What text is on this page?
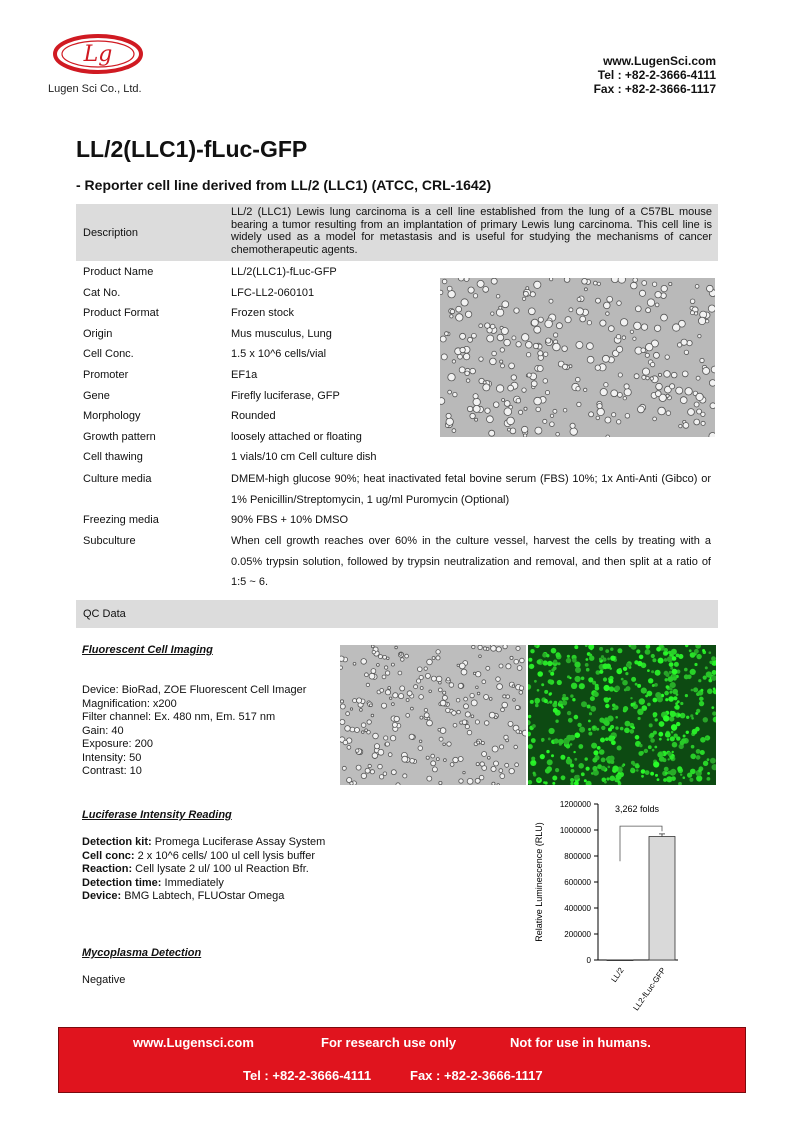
Lg
Lugen Sci Co., Ltd.
www.LugenSci.com
Tel : +82-2-3666-4111
Fax : +82-2-3666-1117
LL/2(LLC1)-fLuc-GFP
- Reporter cell line derived from LL/2 (LLC1) (ATCC, CRL-1642)
Description
LL/2 (LLC1) Lewis lung carcinoma is a cell line established from the lung of a C57BL mouse bearing a tumor resulting from an implantation of primary Lewis lung carcinoma. This cell line is widely used as a model for metastasis and is useful for studying the mechanisms of cancer chemotherapeutic agents.
Product Name	LL/2(LLC1)-fLuc-GFP
Cat No.	LFC-LL2-060101
Product Format	Frozen stock
Origin	Mus musculus, Lung
Cell Conc.	1.5 x 10^6 cells/vial
Promoter	EF1a
Gene	Firefly luciferase, GFP
Morphology	Rounded
Growth pattern	loosely attached or floating
Cell thawing	1 vials/10 cm Cell culture dish
Culture media	DMEM-high glucose 90%; heat inactivated fetal bovine serum (FBS) 10%; 1x Anti-Anti (Gibco) or 1% Penicillin/Streptomycin, 1 ug/ml Puromycin (Optional)
Freezing media	90% FBS + 10% DMSO
Subculture	When cell growth reaches over 60% in the culture vessel, harvest the cells by treating with a 0.05% trypsin solution, followed by trypsin neutralization and removal, and then split at a ratio of 1:5 ~ 6.
QC Data
Fluorescent Cell Imaging
Device: BioRad, ZOE Fluorescent Cell Imager
Magnification: x200
Filter channel: Ex. 480 nm, Em. 517 nm
Gain: 40
Exposure: 200
Intensity: 50
Contrast: 10
Luciferase Intensity Reading
Detection kit: Promega Luciferase Assay System
Cell conc: 2 x 10^6 cells/ 100 ul cell lysis buffer
Reaction: Cell lysate 2 ul/ 100 ul Reaction Bfr.
Detection time: Immediately
Device: BMG Labtech, FLUOstar Omega
Mycoplasma Detection
Negative
0
200000
400000
600000
800000
1000000
1200000
LL/2 LL2-fLuc-GFP
3,262 folds
Relative Luminescence (RLU)
www.Lugensci.com	For research use only	Not for use in humans.
Tel : +82-2-3666-4111	Fax : +82-2-3666-1117
